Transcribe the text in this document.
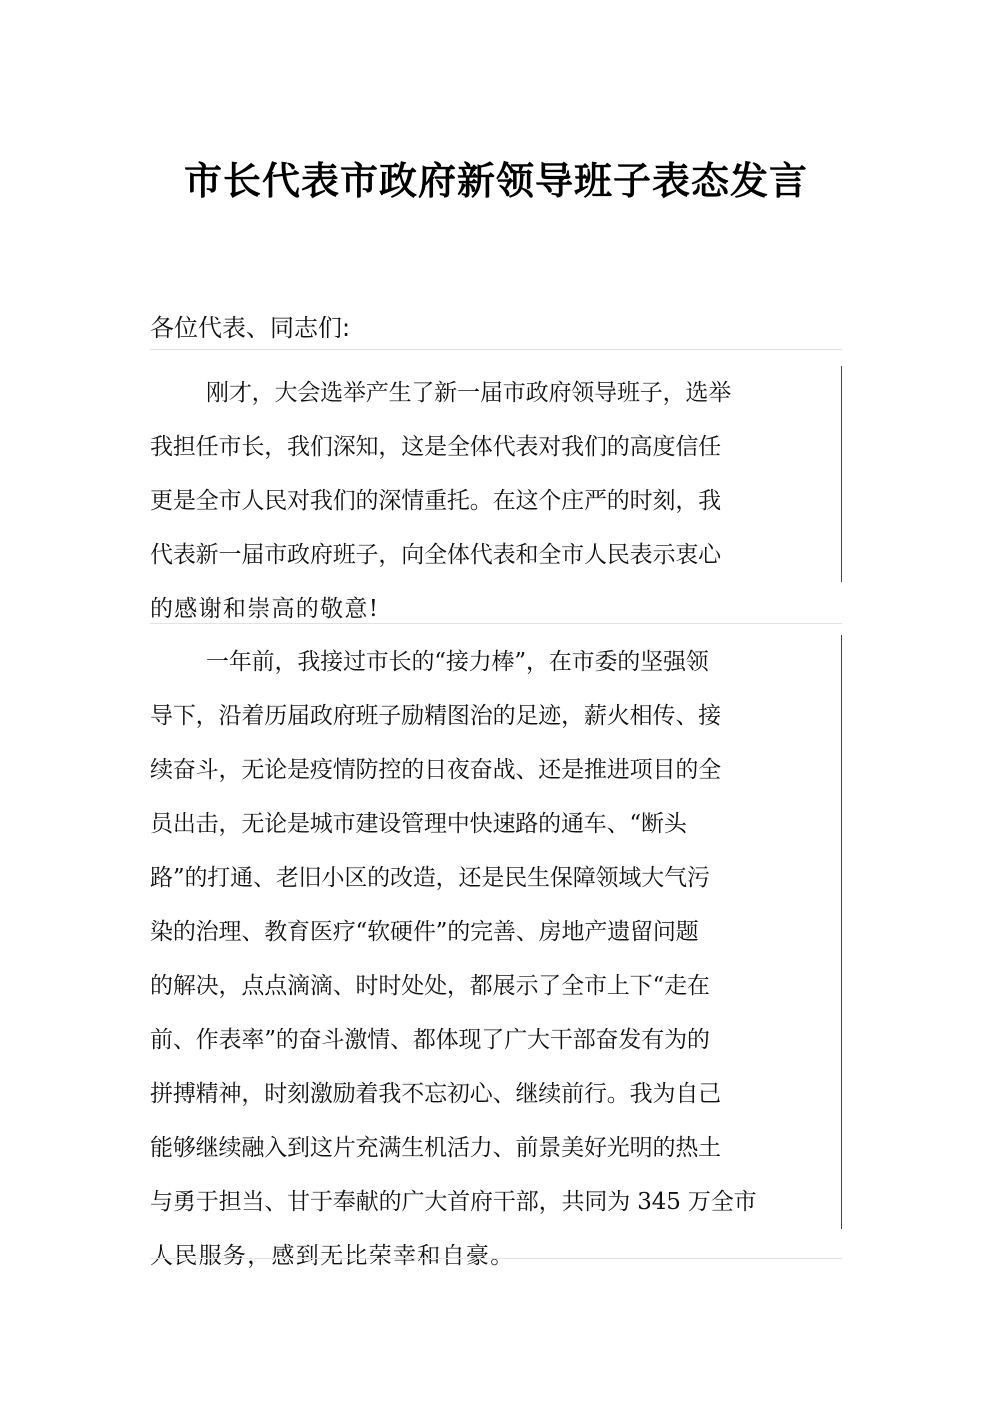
市长代表市政府新领导班子表态发言

各位代表、同志们:

刚才，大会选举产生了新一届市政府领导班子，选举
我担任市长，我们深知，这是全体代表对我们的高度信任
更是全市人民对我们的深情重托。在这个庄严的时刻，我
代表新一届市政府班子，向全体代表和全市人民表示衷心
的感谢和崇高的敬意!
一年前，我接过市长的“接力棒”，在市委的坚强领
导下，沿着历届政府班子励精图治的足迹，薪火相传、接
续奋斗，无论是疫情防控的日夜奋战、还是推进项目的全
员出击，无论是城市建设管理中快速路的通车、“断头
路”的打通、老旧小区的改造，还是民生保障领域大气污
染的治理、教育医疗“软硬件”的完善、房地产遗留问题
的解决，点点滴滴、时时处处，都展示了全市上下“走在
前、作表率”的奋斗激情、都体现了广大干部奋发有为的
拼搏精神，时刻激励着我不忘初心、继续前行。我为自己
能够继续融入到这片充满生机活力、前景美好光明的热土
与勇于担当、甘于奉献的广大首府干部，共同为 345 万全市
人民服务，感到无比荣幸和自豪。
